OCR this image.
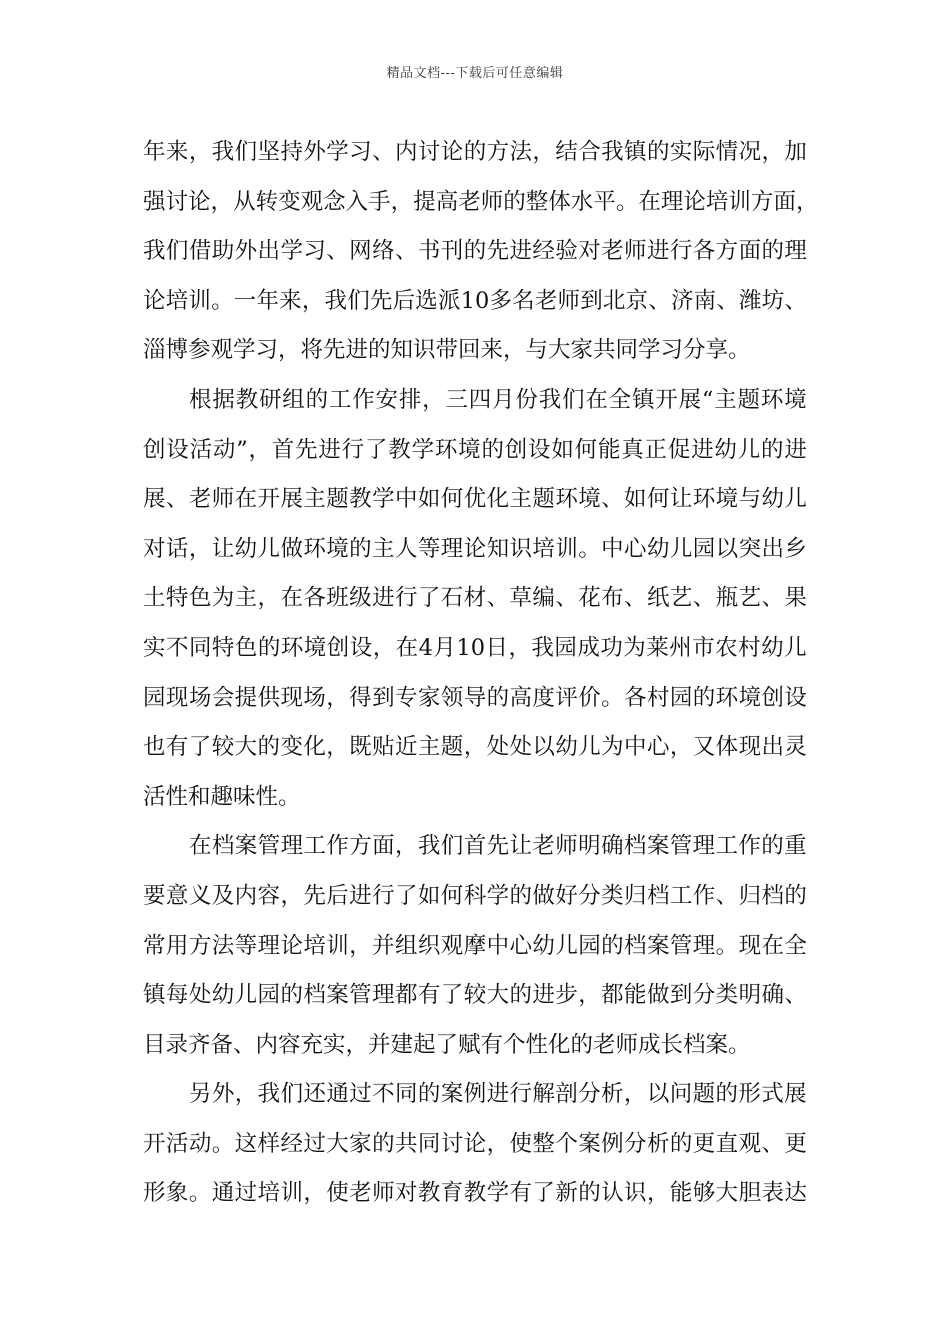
精品文档---下载后可任意编辑
年 来 ， 我 们 坚 持 外 学 习 、 内 讨 论 的 方 法 ， 结 合 我 镇 的 实 际 情 况 ， 加
强 讨 论 ， 从 转 变 观 念 入 手 ， 提 高 老 师 的 整 体 水 平 。 在 理 论 培 训 方 面 ，
我 们 借 助 外 出 学 习 、 网 络 、 书 刊 的 先 进 经 验 对 老 师 进 行 各 方 面 的 理
论 培 训 。 一 年 来 ， 我 们 先 后 选 派 10 多 名 老 师 到 北 京 、 济 南 、 潍 坊 、
淄博参观学习，将先进的知识带回来，与大家共同学习分享。
根 据 教 研 组 的 工 作 安 排 ， 三 四 月 份 我 们 在 全 镇 开 展 “ 主 题 环 境
创 设 活 动 ” ， 首 先 进 行 了 教 学 环 境 的 创 设 如 何 能 真 正 促 进 幼 儿 的 进
展 、 老 师 在 开 展 主 题 教 学 中 如 何 优 化 主 题 环 境 、 如 何 让 环 境 与 幼 儿
对 话 ， 让 幼 儿 做 环 境 的 主 人 等 理 论 知 识 培 训 。 中 心 幼 儿 园 以 突 出 乡
土 特 色 为 主 ， 在 各 班 级 进 行 了 石 材 、 草 编 、 花 布 、 纸 艺 、 瓶 艺 、 果
实 不 同 特 色 的 环 境 创 设 ， 在 4 月 10 日 ， 我 园 成 功 为 莱 州 市 农 村 幼 儿
园 现 场 会 提 供 现 场 ， 得 到 专 家 领 导 的 高 度 评 价 。 各 村 园 的 环 境 创 设
也 有 了 较 大 的 变 化 ， 既 贴 近 主 题 ， 处 处 以 幼 儿 为 中 心 ， 又 体 现 出 灵
活性和趣味性。
在 档 案 管 理 工 作 方 面 ， 我 们 首 先 让 老 师 明 确 档 案 管 理 工 作 的 重
要 意 义 及 内 容 ， 先 后 进 行 了 如 何 科 学 的 做 好 分 类 归 档 工 作 、 归 档 的
常 用 方 法 等 理 论 培 训 ， 并 组 织 观 摩 中 心 幼 儿 园 的 档 案 管 理 。 现 在 全
镇 每 处 幼 儿 园 的 档 案 管 理 都 有 了 较 大 的 进 步 ， 都 能 做 到 分 类 明 确 、
目录齐备、内容充实，并建起了赋有个性化的老师成长档案。
另 外 ， 我 们 还 通 过 不 同 的 案 例 进 行 解 剖 分 析 ， 以 问 题 的 形 式 展
开 活 动 。 这 样 经 过 大 家 的 共 同 讨 论 ， 使 整 个 案 例 分 析 的 更 直 观 、 更
形 象 。 通 过 培 训 ， 使 老 师 对 教 育 教 学 有 了 新 的 认 识 ， 能 够 大 胆 表 达
